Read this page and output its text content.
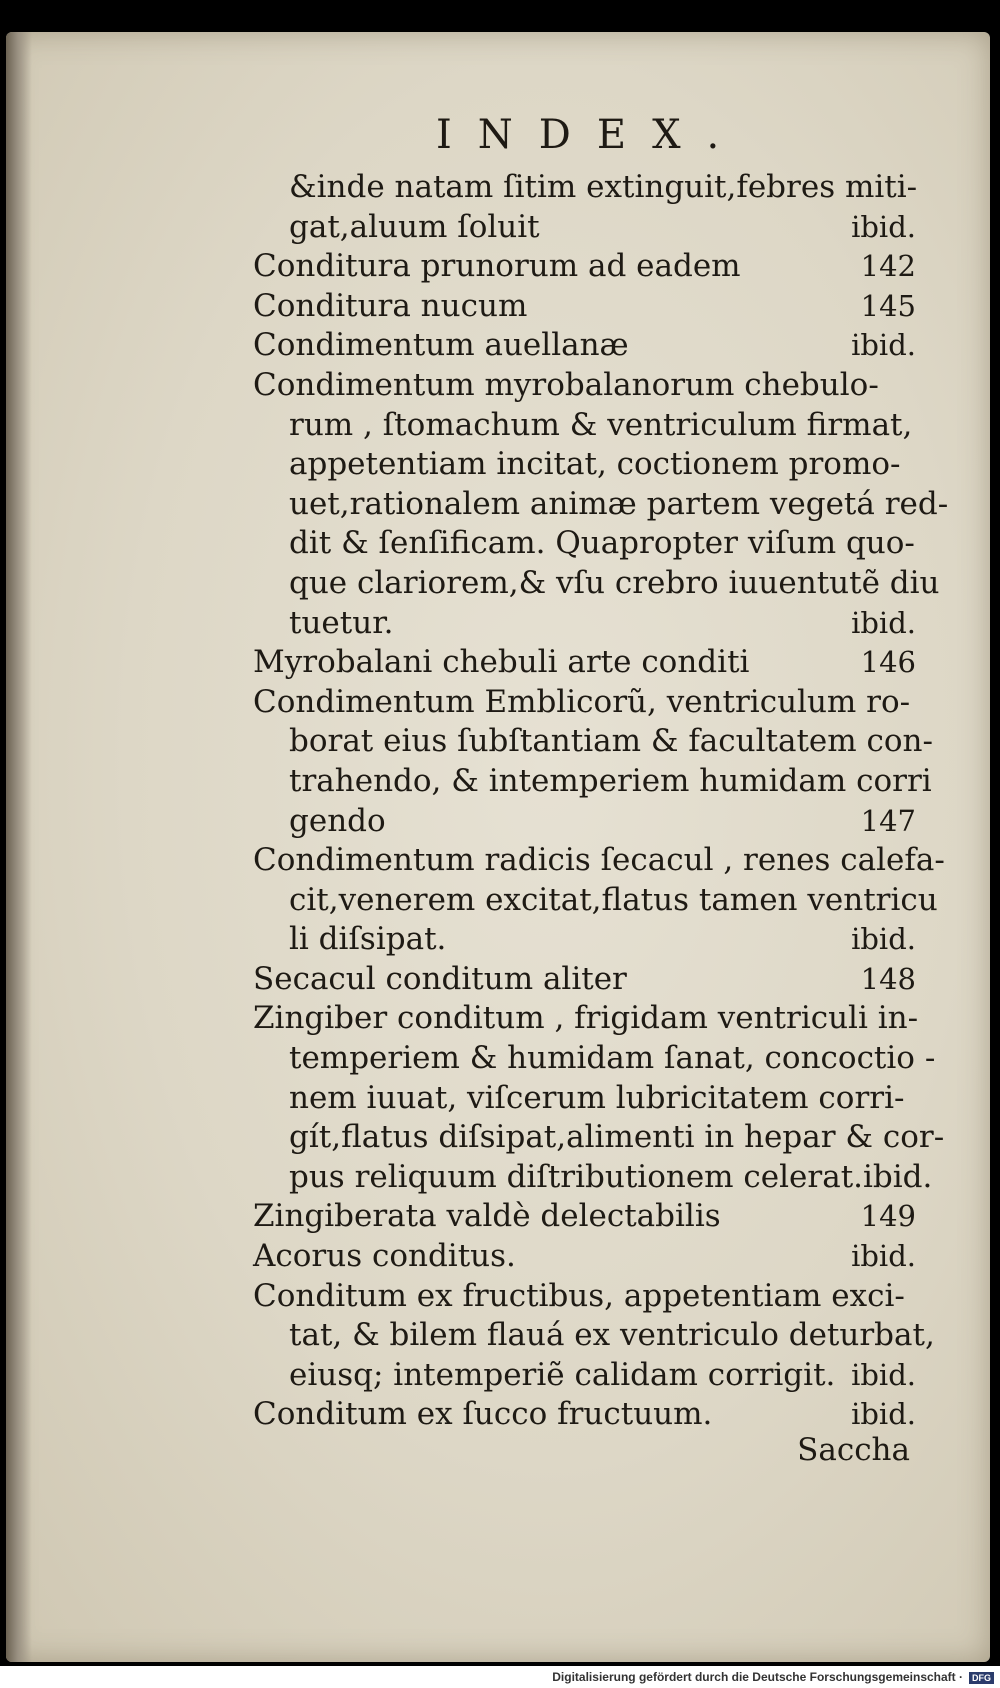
INDEX.
&inde natam ſitim extinguit,febres miti-
gat,aluum ſoluit	ibid.
Conditura prunorum ad eadem	142
Conditura nucum	145
Condimentum auellanæ	ibid.
Condimentum myrobalanorum chebulo-
rum , ſtomachum & ventriculum firmat,
appetentiam incitat, coctionem promo-
uet,rationalem animæ partem vegetá red-
dit & ſenſificam. Quapropter viſum quo-
que clariorem,& vſu crebro iuuentutẽ diu
tuetur.	ibid.
Myrobalani chebuli arte conditi	146
Condimentum Emblicorũ, ventriculum ro-
borat eius ſubſtantiam & facultatem con-
trahendo, & intemperiem humidam corri
gendo	147
Condimentum radicis ſecacul , renes calefa-
cit,venerem excitat,flatus tamen ventricu
li diſsipat.	ibid.
Secacul conditum aliter	148
Zingiber conditum , frigidam ventriculi in-
temperiem & humidam ſanat, concoctio -
nem iuuat, viſcerum lubricitatem corri-
gít,flatus diſsipat,alimenti in hepar & cor-
pus reliquum diſtributionem celerat.ibid.
Zingiberata valdè delectabilis	149
Acorus conditus.	ibid.
Conditum ex fructibus, appetentiam exci-
tat, & bilem flauá ex ventriculo deturbat,
eiusq; intemperiẽ calidam corrigit. ibid.
Conditum ex ſucco fructuum.	ibid.
Saccha
Digitalisierung gefördert durch die Deutsche Forschungsgemeinschaft · DFG
